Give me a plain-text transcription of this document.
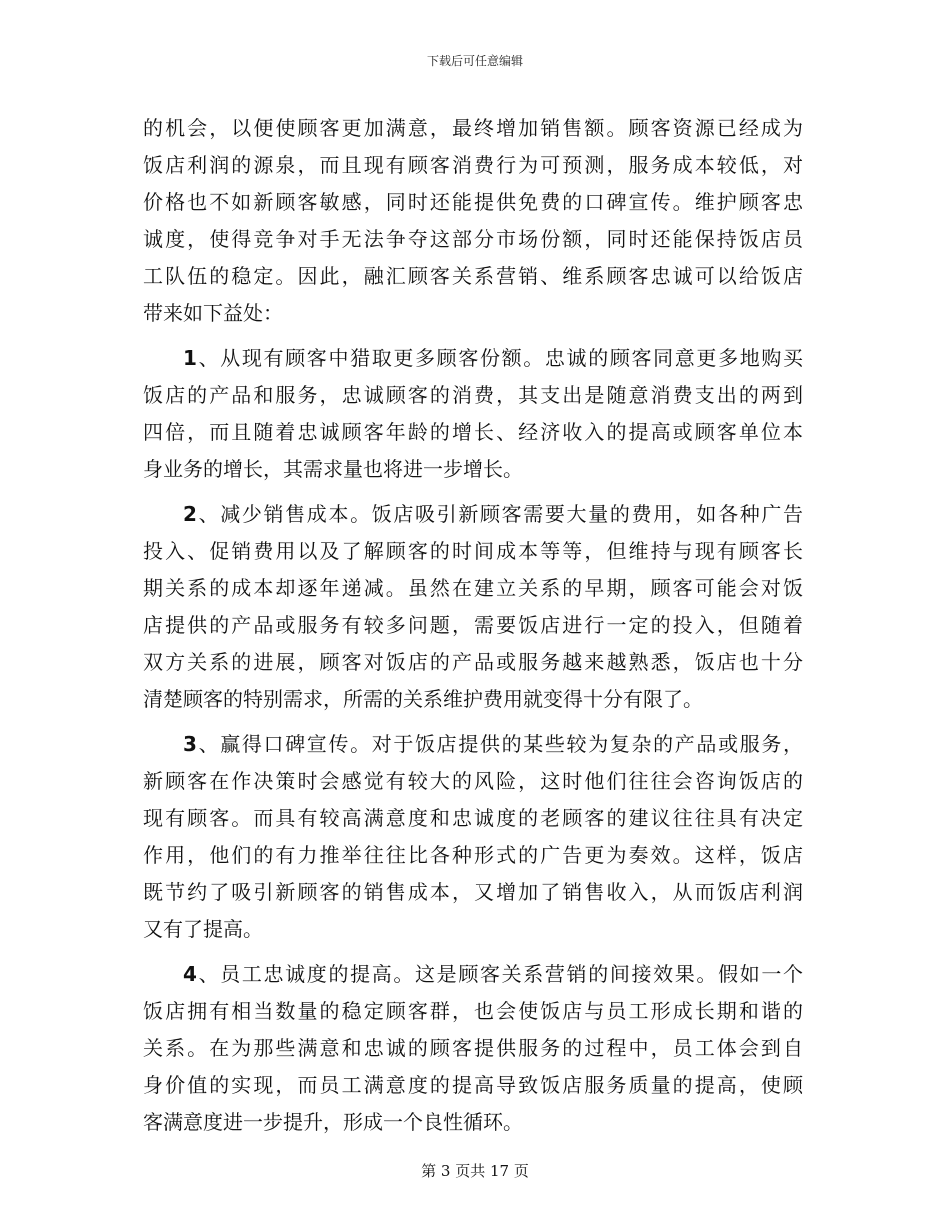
下载后可任意编辑
的机会，以便使顾客更加满意，最终增加销售额。顾客资源已经成为
饭店利润的源泉，而且现有顾客消费行为可预测，服务成本较低，对
价格也不如新顾客敏感，同时还能提供免费的口碑宣传。维护顾客忠
诚度，使得竞争对手无法争夺这部分市场份额，同时还能保持饭店员
工队伍的稳定。因此，融汇顾客关系营销、维系顾客忠诚可以给饭店
带来如下益处：
1、从现有顾客中猎取更多顾客份额。忠诚的顾客同意更多地购买
饭店的产品和服务，忠诚顾客的消费，其支出是随意消费支出的两到
四倍，而且随着忠诚顾客年龄的增长、经济收入的提高或顾客单位本
身业务的增长，其需求量也将进一步增长。
2、减少销售成本。饭店吸引新顾客需要大量的费用，如各种广告
投入、促销费用以及了解顾客的时间成本等等，但维持与现有顾客长
期关系的成本却逐年递减。虽然在建立关系的早期，顾客可能会对饭
店提供的产品或服务有较多问题，需要饭店进行一定的投入，但随着
双方关系的进展，顾客对饭店的产品或服务越来越熟悉，饭店也十分
清楚顾客的特别需求，所需的关系维护费用就变得十分有限了。
3、赢得口碑宣传。对于饭店提供的某些较为复杂的产品或服务，
新顾客在作决策时会感觉有较大的风险，这时他们往往会咨询饭店的
现有顾客。而具有较高满意度和忠诚度的老顾客的建议往往具有决定
作用，他们的有力推举往往比各种形式的广告更为奏效。这样，饭店
既节约了吸引新顾客的销售成本，又增加了销售收入，从而饭店利润
又有了提高。
4、员工忠诚度的提高。这是顾客关系营销的间接效果。假如一个
饭店拥有相当数量的稳定顾客群，也会使饭店与员工形成长期和谐的
关系。在为那些满意和忠诚的顾客提供服务的过程中，员工体会到自
身价值的实现，而员工满意度的提高导致饭店服务质量的提高，使顾
客满意度进一步提升，形成一个良性循环。
第 3 页共 17 页
